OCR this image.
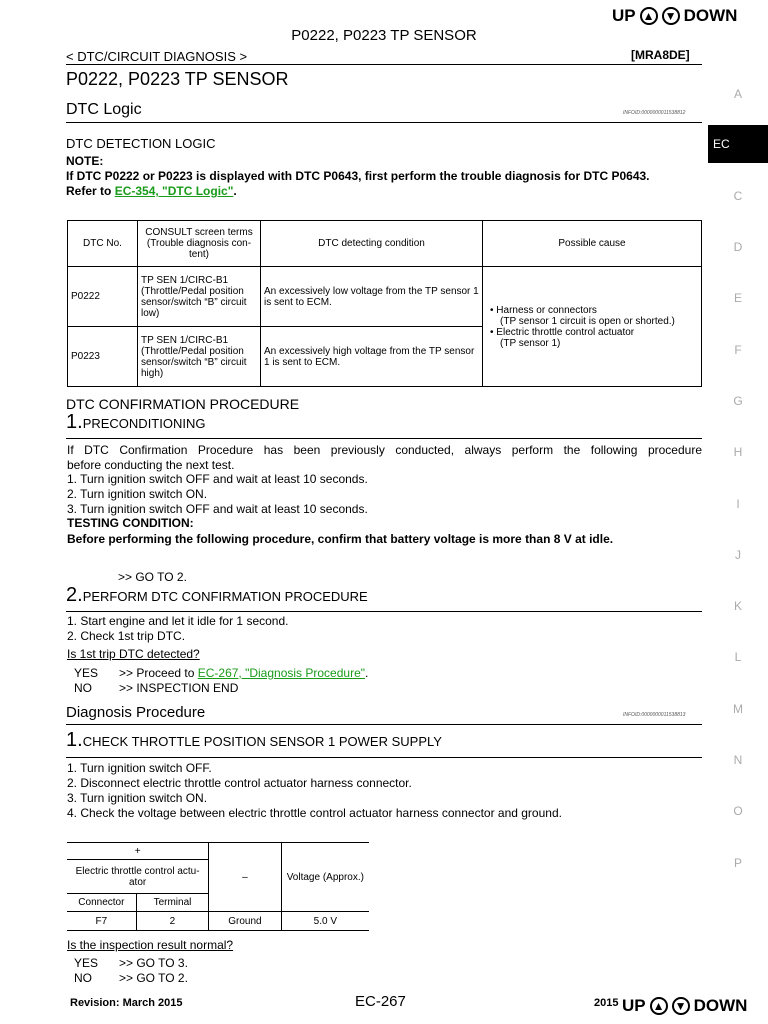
UP ▲ ▼ DOWN
P0222, P0223 TP SENSOR
< DTC/CIRCUIT DIAGNOSIS >	[MRA8DE]
P0222, P0223 TP SENSOR
DTC Logic	INFOID:0000000011538812
DTC DETECTION LOGIC
NOTE:
If DTC P0222 or P0223 is displayed with DTC P0643, first perform the trouble diagnosis for DTC P0643.
Refer to EC-354, "DTC Logic".
DTC No.	CONSULT screen terms (Trouble diagnosis con-tent)	DTC detecting condition	Possible cause
P0222	TP SEN 1/CIRC-B1 (Throttle/Pedal position sensor/switch “B” circuit low)	An excessively low voltage from the TP sensor 1 is sent to ECM.	• Harness or connectors
(TP sensor 1 circuit is open or shorted.)
• Electric throttle control actuator
(TP sensor 1)

P0223	TP SEN 1/CIRC-B1 (Throttle/Pedal position sensor/switch “B” circuit high)	An excessively high voltage from the TP sensor 1 is sent to ECM.	
DTC CONFIRMATION PROCEDURE
1.PRECONDITIONING
If DTC Confirmation Procedure has been previously conducted, always perform the following procedure
before conducting the next test.
1. Turn ignition switch OFF and wait at least 10 seconds.
2. Turn ignition switch ON.
3. Turn ignition switch OFF and wait at least 10 seconds.
TESTING CONDITION:
Before performing the following procedure, confirm that battery voltage is more than 8 V at idle.
>> GO TO 2.
2.PERFORM DTC CONFIRMATION PROCEDURE
1. Start engine and let it idle for 1 second.
2. Check 1st trip DTC.
Is 1st trip DTC detected?
YES >> Proceed to EC-267, "Diagnosis Procedure".
NO >> INSPECTION END
Diagnosis Procedure	INFOID:0000000011538813
1.CHECK THROTTLE POSITION SENSOR 1 POWER SUPPLY
1. Turn ignition switch OFF.
2. Disconnect electric throttle control actuator harness connector.
3. Turn ignition switch ON.
4. Check the voltage between electric throttle control actuator harness connector and ground.
+		–	Voltage (Approx.)
Electric throttle control actu-ator			
Connector	Terminal		
F7	2	Ground	5.0 V
Is the inspection result normal?
YES >> GO TO 3.
NO >> GO TO 2.
A
EC
C
D
E
F
G
H
I
J
K
L
M
N
O
P
Revision: March 2015	EC-267	2015 UP ▲ ▼ DOWN
